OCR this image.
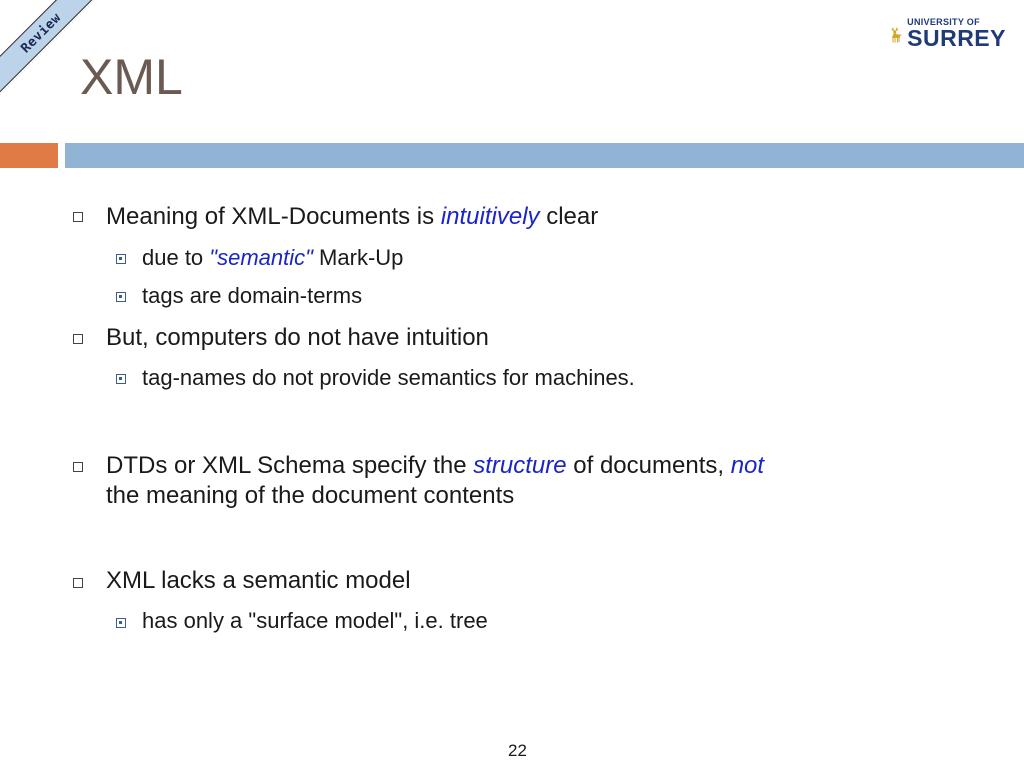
Review
XML
UNIVERSITY OF
SURREY
Meaning of XML-Documents is intuitively clear
due to "semantic" Mark-Up
tags are domain-terms
But, computers do not have intuition
tag-names do not provide semantics for machines.
DTDs or XML Schema specify the structure of documents, not
the meaning of the document contents
XML lacks a semantic model
has only a "surface model", i.e. tree
22
